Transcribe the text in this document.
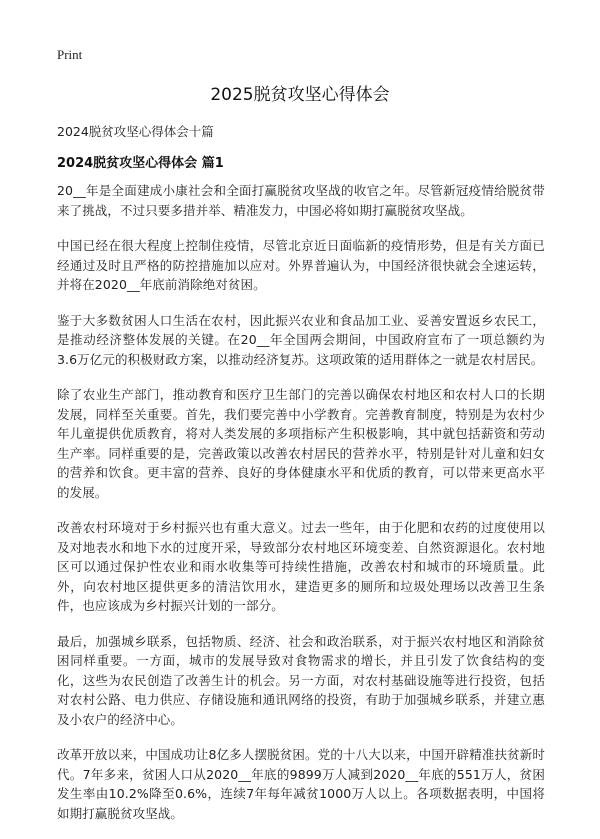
Print
2025脱贫攻坚心得体会
2024脱贫攻坚心得体会十篇
2024脱贫攻坚心得体会 篇1

20__年是全面建成小康社会和全面打赢脱贫攻坚战的收官之年。尽管新冠疫情给脱贫带来了挑战，不过只要多措并举、精准发力，中国必将如期打赢脱贫攻坚战。

中国已经在很大程度上控制住疫情，尽管北京近日面临新的疫情形势，但是有关方面已经通过及时且严格的防控措施加以应对。外界普遍认为，中国经济很快就会全速运转，并将在2020__年底前消除绝对贫困。

鉴于大多数贫困人口生活在农村，因此振兴农业和食品加工业、妥善安置返乡农民工，是推动经济整体发展的关键。在20__年全国两会期间，中国政府宣布了一项总额约为3.6万亿元的积极财政方案，以推动经济复苏。这项政策的适用群体之一就是农村居民。

除了农业生产部门，推动教育和医疗卫生部门的完善以确保农村地区和农村人口的长期发展，同样至关重要。首先，我们要完善中小学教育。完善教育制度，特别是为农村少年儿童提供优质教育，将对人类发展的多项指标产生积极影响，其中就包括薪资和劳动生产率。同样重要的是，完善政策以改善农村居民的营养水平，特别是针对儿童和妇女的营养和饮食。更丰富的营养、良好的身体健康水平和优质的教育，可以带来更高水平的发展。

改善农村环境对于乡村振兴也有重大意义。过去一些年，由于化肥和农药的过度使用以及对地表水和地下水的过度开采，导致部分农村地区环境变差、自然资源退化。农村地区可以通过保护性农业和雨水收集等可持续性措施，改善农村和城市的环境质量。此外，向农村地区提供更多的清洁饮用水，建造更多的厕所和垃圾处理场以改善卫生条件，也应该成为乡村振兴计划的一部分。

最后，加强城乡联系，包括物质、经济、社会和政治联系，对于振兴农村地区和消除贫困同样重要。一方面，城市的发展导致对食物需求的增长，并且引发了饮食结构的变化，这些为农民创造了改善生计的机会。另一方面，对农村基础设施等进行投资，包括对农村公路、电力供应、存储设施和通讯网络的投资，有助于加强城乡联系，并建立惠及小农户的经济中心。

改革开放以来，中国成功让8亿多人摆脱贫困。党的十八大以来，中国开辟精准扶贫新时代。7年多来，贫困人口从2020__年底的9899万人减到2020__年底的551万人，贫困发生率由10.2%降至0.6%，连续7年每年减贫1000万人以上。各项数据表明，中国将如期打赢脱贫攻坚战。
